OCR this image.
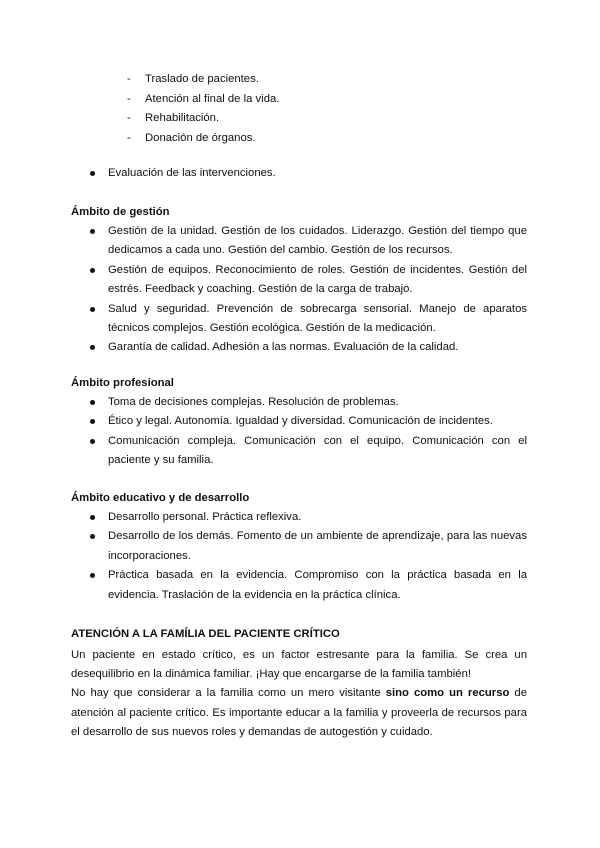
- Traslado de pacientes.
- Atención al final de la vida.
- Rehabilitación.
- Donación de órganos.
Evaluación de las intervenciones.
Ámbito de gestión
Gestión de la unidad. Gestión de los cuidados. Liderazgo. Gestión del tiempo que dedicamos a cada uno. Gestión del cambio. Gestión de los recursos.
Gestión de equipos. Reconocimiento de roles. Gestión de incidentes. Gestión del estrés. Feedback y coaching. Gestión de la carga de trabajo.
Salud y seguridad. Prevención de sobrecarga sensorial. Manejo de aparatos técnicos complejos. Gestión ecológica. Gestión de la medicación.
Garantía de calidad. Adhesión a las normas. Evaluación de la calidad.
Ámbito profesional
Toma de decisiones complejas. Resolución de problemas.
Ético y legal. Autonomía. Igualdad y diversidad. Comunicación de incidentes.
Comunicación compleja. Comunicación con el equipo. Comunicación con el paciente y su familia.
Ámbito educativo y de desarrollo
Desarrollo personal. Práctica reflexiva.
Desarrollo de los demás. Fomento de un ambiente de aprendizaje, para las nuevas incorporaciones.
Práctica basada en la evidencia. Compromiso con la práctica basada en la evidencia. Traslación de la evidencia en la práctica clínica.
ATENCIÓN A LA FAMÍLIA DEL PACIENTE CRÍTICO
Un paciente en estado crítico, es un factor estresante para la familia. Se crea un desequilibrio en la dinámica familiar. ¡Hay que encargarse de la familia también!
No hay que considerar a la familia como un mero visitante sino como un recurso de atención al paciente crítico. Es importante educar a la familia y proveerla de recursos para el desarrollo de sus nuevos roles y demandas de autogestión y cuidado.
